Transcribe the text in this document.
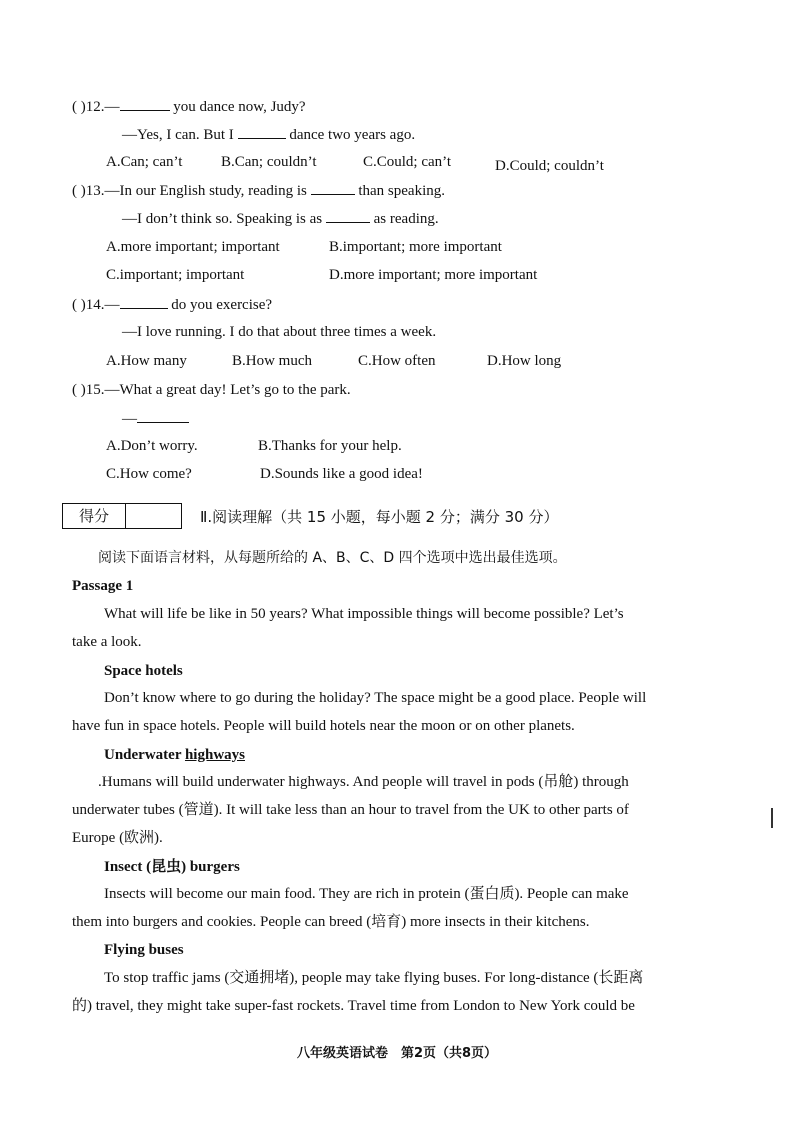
( )12.—	you dance now, Judy?
—Yes, I can. But I	dance two years ago.
A.Can; can’t	B.Can; couldn’t	C.Could; can’t	D.Could; couldn’t
( )13.—In our English study, reading is	than speaking.
—I don’t think so. Speaking is as	as reading.
A.more important; important	B.important; more important
C.important; important	D.more important; more important
( )14.—	do you exercise?
—I love running. I do that about three times a week.
A.How many	B.How much	C.How often	D.How long
( )15.—What a great day! Let’s go to the park.
—
A.Don’t worry.	B.Thanks for your help.
C.How come?	D.Sounds like a good idea!
得分	Ⅱ.阅读理解（共 15 小题，每小题 2 分；满分 30 分）
阅读下面语言材料，从每题所给的 A、B、C、D 四个选项中选出最佳选项。
Passage 1
What will life be like in 50 years? What impossible things will become possible? Let’s
take a look.
Space hotels
Don’t know where to go during the holiday? The space might be a good place. People will
have fun in space hotels. People will build hotels near the moon or on other planets.
Underwater highways
.Humans will build underwater highways. And people will travel in pods (吊舱) through
underwater tubes (管道). It will take less than an hour to travel from the UK to other parts of
Europe (欧洲).
Insect (昆虫) burgers
Insects will become our main food. They are rich in protein (蛋白质). People can make
them into burgers and cookies. People can breed (培育) more insects in their kitchens.
Flying buses
To stop traffic jams (交通拥堵), people may take flying buses. For long-distance (长距离
的) travel, they might take super-fast rockets. Travel time from London to New York could be
八年级英语试卷　第2页（共8页）
